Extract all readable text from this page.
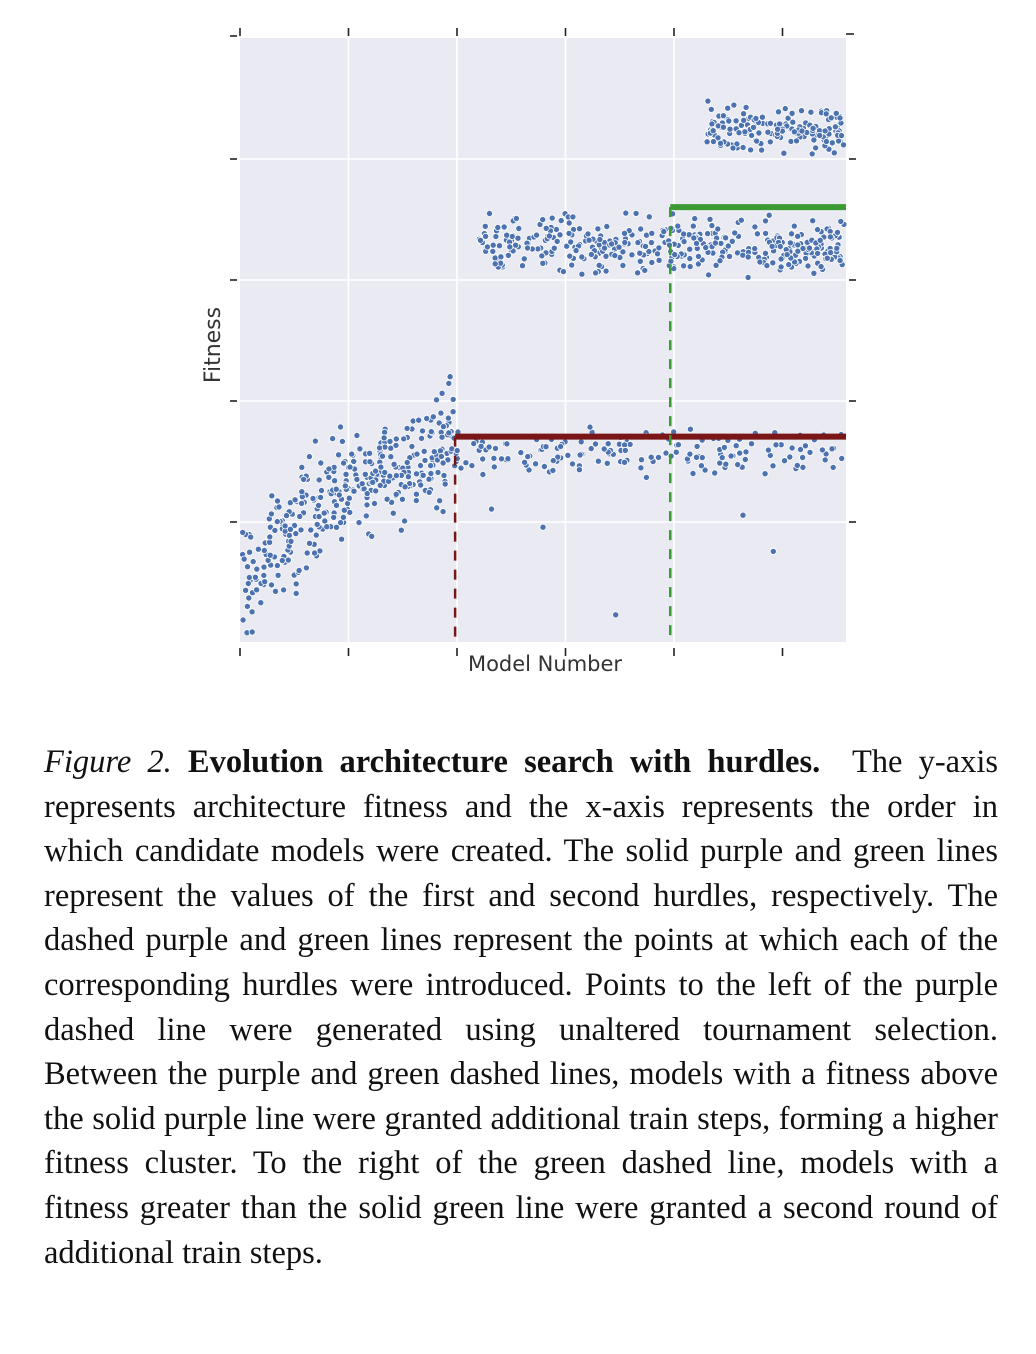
Model Number
Fitness

Figure 2. Evolution architecture search with hurdles. The y-axis represents architecture fitness and the x-axis represents the order in which candidate models were created. The solid purple and green lines represent the values of the first and second hurdles, respectively. The dashed purple and green lines represent the points at which each of the corresponding hurdles were introduced. Points to the left of the purple dashed line were generated using unaltered tournament selection. Between the purple and green dashed lines, models with a fitness above the solid purple line were granted additional train steps, forming a higher fitness cluster. To the right of the green dashed line, models with a fitness greater than the solid green line were granted a second round of additional train steps.
